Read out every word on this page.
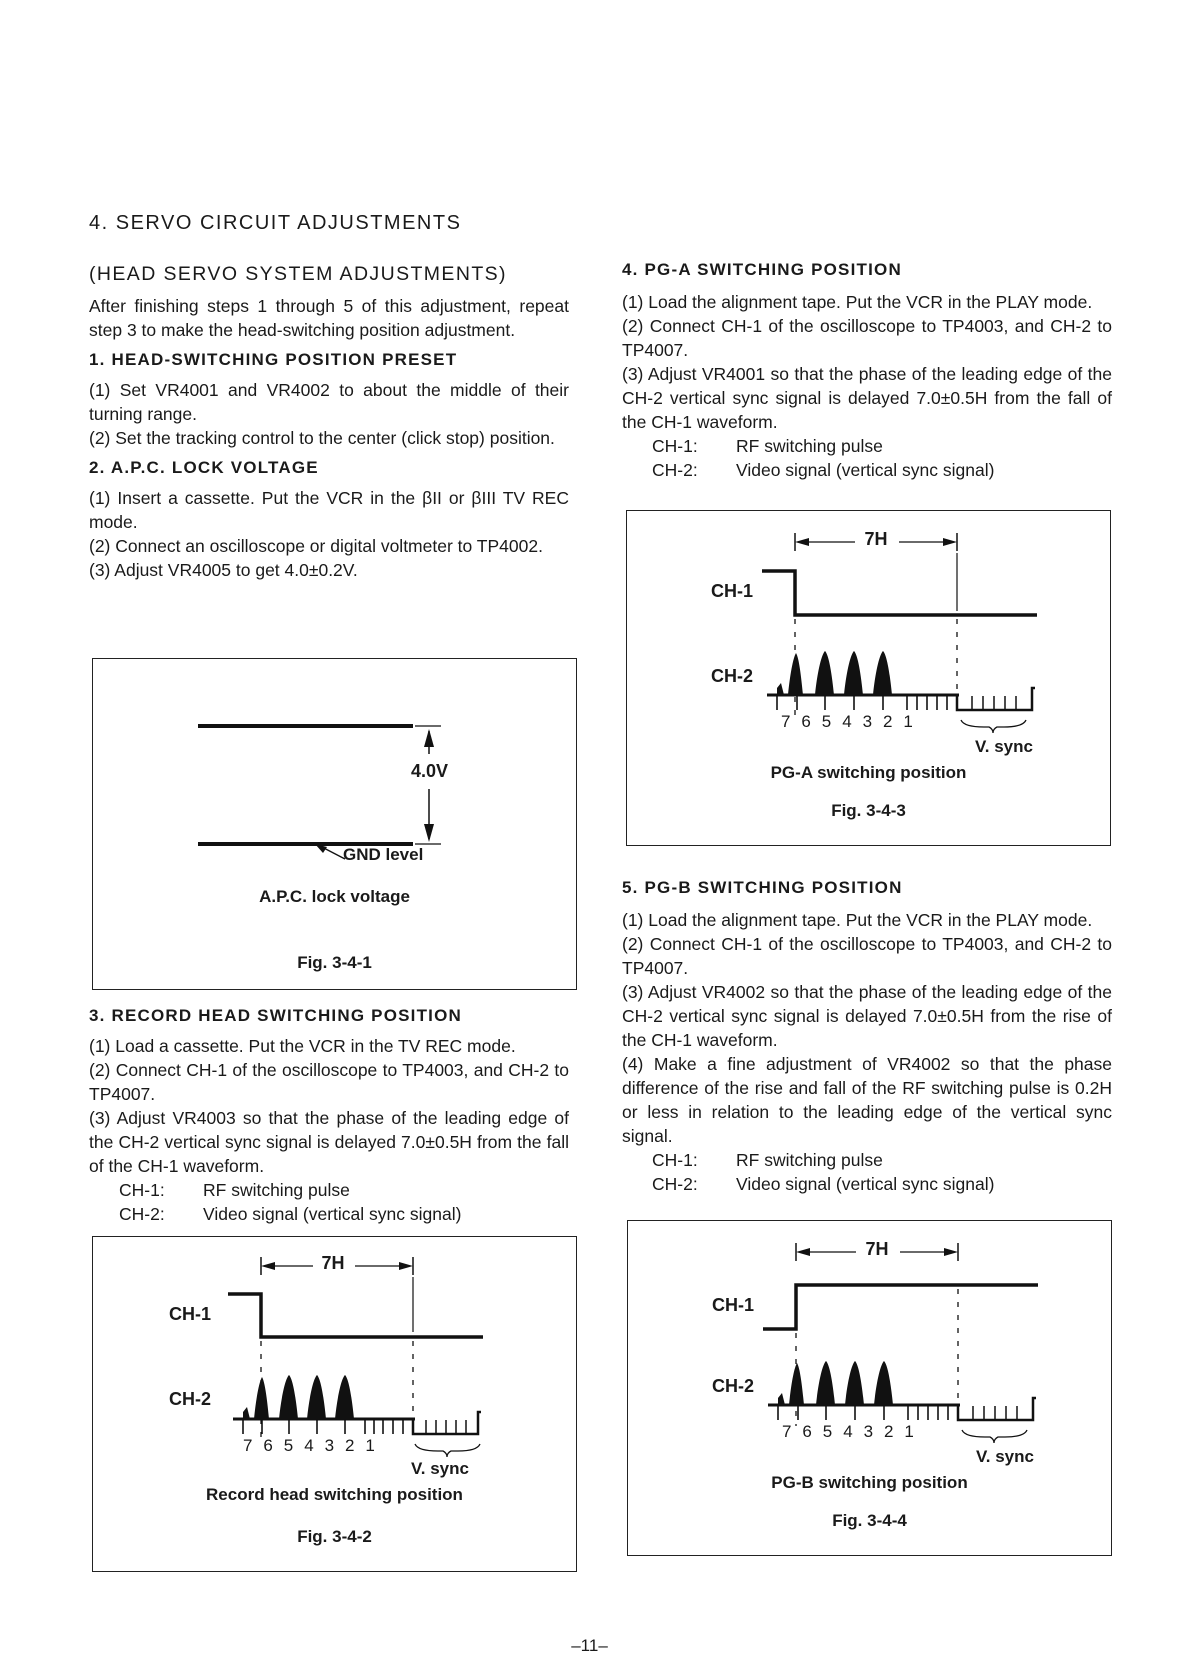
4. SERVO CIRCUIT ADJUSTMENTS
(HEAD SERVO SYSTEM ADJUSTMENTS)

After finishing steps 1 through 5 of this adjustment, repeat step 3 to make the head-switching position adjustment.

1. HEAD-SWITCHING POSITION PRESET

(1) Set VR4001 and VR4002 to about the middle of their turning range.

(2) Set the tracking control to the center (click stop) position.

2. A.P.C. LOCK VOLTAGE

(1) Insert a cassette. Put the VCR in the βII or βIII TV REC mode.

(2) Connect an oscilloscope or digital voltmeter to TP4002.

(3) Adjust VR4005 to get 4.0±0.2V.

4.0V
GND level
A.P.C. lock voltage
Fig. 3-4-1
3. RECORD HEAD SWITCHING POSITION

(1) Load a cassette. Put the VCR in the TV REC mode.

(2) Connect CH-1 of the oscilloscope to TP4003, and CH-2 to TP4007.

(3) Adjust VR4003 so that the phase of the leading edge of the CH-2 vertical sync signal is delayed 7.0±0.5H from the fall of the CH-1 waveform.

CH-1:	RF switching pulse
CH-2:	Video signal (vertical sync signal)
7H
CH-1
CH-2
7  6  5  4  3  2  1
V. sync
Record head switching position
Fig. 3-4-2
4. PG-A SWITCHING POSITION

(1) Load the alignment tape. Put the VCR in the PLAY mode.

(2) Connect CH-1 of the oscilloscope to TP4003, and CH-2 to TP4007.

(3) Adjust VR4001 so that the phase of the leading edge of the CH-2 vertical sync signal is delayed 7.0±0.5H from the fall of the CH-1 waveform.

CH-1:	RF switching pulse
CH-2:	Video signal (vertical sync signal)
7H
CH-1
CH-2
7  6  5  4  3  2  1
V. sync
PG-A switching position
Fig. 3-4-3
5. PG-B SWITCHING POSITION

(1) Load the alignment tape. Put the VCR in the PLAY mode.

(2) Connect CH-1 of the oscilloscope to TP4003, and CH-2 to TP4007.

(3) Adjust VR4002 so that the phase of the leading edge of the CH-2 vertical sync signal is delayed 7.0±0.5H from the rise of the CH-1 waveform.

(4) Make a fine adjustment of VR4002 so that the phase difference of the rise and fall of the RF switching pulse is 0.2H or less in relation to the leading edge of the vertical sync signal.

CH-1:	RF switching pulse
CH-2:	Video signal (vertical sync signal)
7H
CH-1
CH-2
7  6  5  4  3  2  1
V. sync
PG-B switching position
Fig. 3-4-4
–11–
